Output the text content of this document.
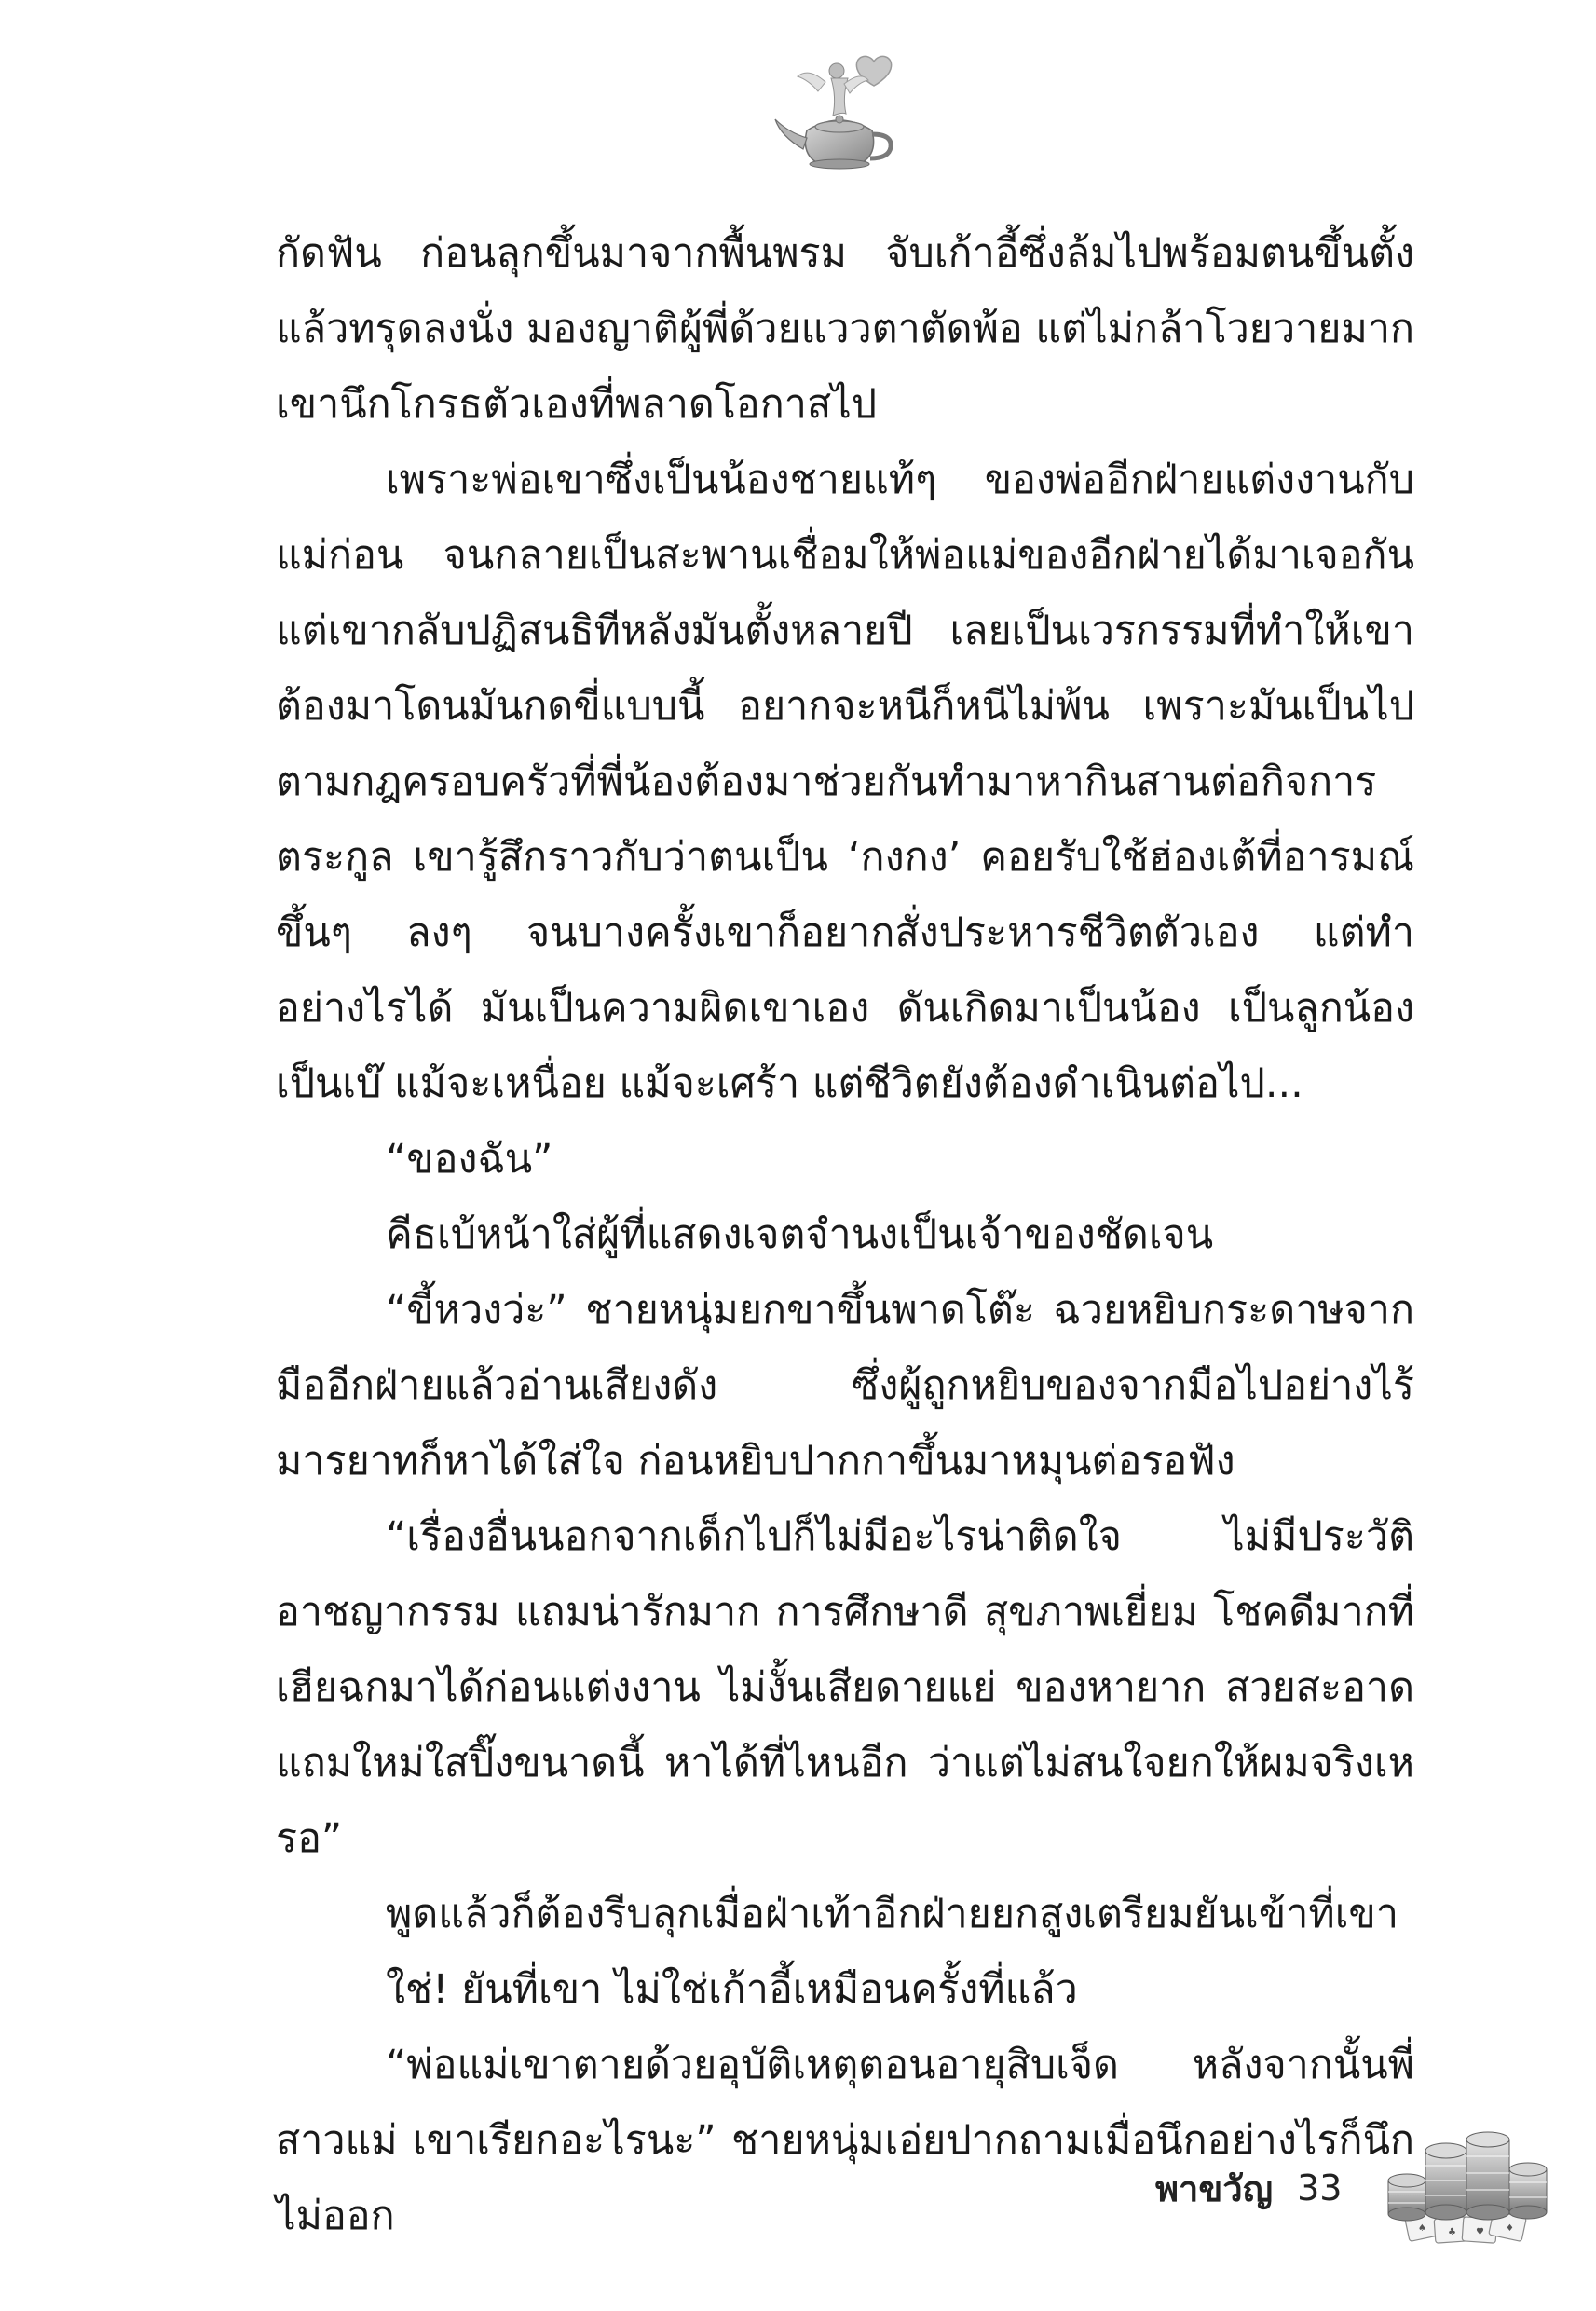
กัดฟัน ก่อนลุกขึ้นมาจากพื้นพรม จับเก้าอี้ซึ่งล้มไปพร้อมตนขึ้นตั้งแล้วทรุดลงนั่ง มองญาติผู้พี่ด้วยแววตาตัดพ้อ แต่ไม่กล้าโวยวายมาก เขานึกโกรธตัวเองที่พลาดโอกาสไป

เพราะพ่อเขาซึ่งเป็นน้องชายแท้ๆ ของพ่ออีกฝ่ายแต่งงานกับแม่ก่อน จนกลายเป็นสะพานเชื่อมให้พ่อแม่ของอีกฝ่ายได้มาเจอกัน แต่เขากลับปฏิสนธิทีหลังมันตั้งหลายปี เลยเป็นเวรกรรมที่ทำให้เขาต้องมาโดนมันกดขี่แบบนี้ อยากจะหนีก็หนีไม่พ้น เพราะมันเป็นไปตามกฎครอบครัวที่พี่น้องต้องมาช่วยกันทำมาหากินสานต่อกิจการตระกูล เขารู้สึกราวกับว่าตนเป็น ‘กงกง’ คอยรับใช้ฮ่องเต้ที่อารมณ์ขึ้นๆ ลงๆ จนบางครั้งเขาก็อยากสั่งประหารชีวิตตัวเอง แต่ทำอย่างไรได้ มันเป็นความผิดเขาเอง ดันเกิดมาเป็นน้อง เป็นลูกน้อง เป็นเบ๊ แม้จะเหนื่อย แม้จะเศร้า แต่ชีวิตยังต้องดำเนินต่อไป...

“ของฉัน”

คีธเบ้หน้าใส่ผู้ที่แสดงเจตจำนงเป็นเจ้าของชัดเจน

“ขี้หวงว่ะ” ชายหนุ่มยกขาขึ้นพาดโต๊ะ ฉวยหยิบกระดาษจากมืออีกฝ่ายแล้วอ่านเสียงดัง ซึ่งผู้ถูกหยิบของจากมือไปอย่างไร้มารยาทก็หาได้ใส่ใจ ก่อนหยิบปากกาขึ้นมาหมุนต่อรอฟัง

“เรื่องอื่นนอกจากเด็กไปก็ไม่มีอะไรน่าติดใจ ไม่มีประวัติอาชญากรรม แถมน่ารักมาก การศึกษาดี สุขภาพเยี่ยม โชคดีมากที่เฮียฉกมาได้ก่อนแต่งงาน ไม่งั้นเสียดายแย่ ของหายาก สวยสะอาด แถมใหม่ใสปิ๊งขนาดนี้ หาได้ที่ไหนอีก ว่าแต่ไม่สนใจยกให้ผมจริงเหรอ”

พูดแล้วก็ต้องรีบลุกเมื่อฝ่าเท้าอีกฝ่ายยกสูงเตรียมยันเข้าที่เขา

ใช่! ยันที่เขา ไม่ใช่เก้าอี้เหมือนครั้งที่แล้ว

“พ่อแม่เขาตายด้วยอุบัติเหตุตอนอายุสิบเจ็ด หลังจากนั้นพี่สาวแม่ เขาเรียกอะไรนะ” ชายหนุ่มเอ่ยปากถามเมื่อนึกอย่างไรก็นึกไม่ออก

พาขวัญ 33
♠ ♣ ♥ ♦
